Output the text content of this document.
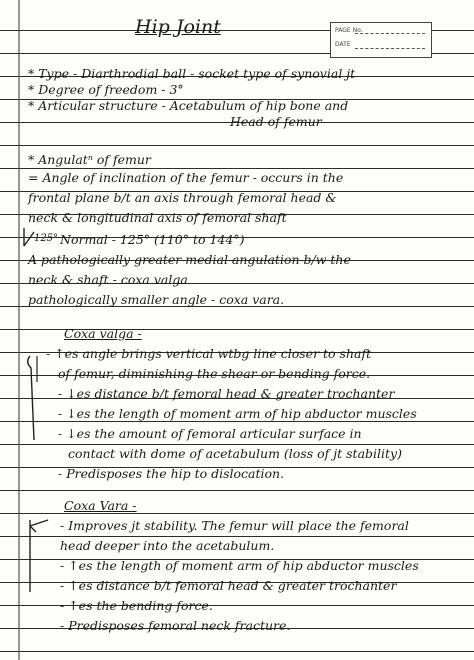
PAGE No.
DATE
Hip Joint
* Type - Diarthrodial ball - socket type of synovial jt
* Degree of freedom - 3°
* Articular structure - Acetabulum of hip bone and
Head of femur
* Angulatⁿ of femur
= Angle of inclination of the femur - occurs in the
frontal plane b/t an axis through femoral head &
neck & longitudinal axis of femoral shaft
Normal - 125° (110° to 144°)
A pathologically greater medial angulation b/w the
neck & shaft - coxa valga
pathologically smaller angle - coxa vara.
125°
Coxa valga -
- ↑es angle brings vertical wtbg line closer to shaft
of femur, diminishing the shear or bending force.
- ↓es distance b/t femoral head & greater trochanter
- ↓es the length of moment arm of hip abductor muscles
- ↓es the amount of femoral articular surface in
contact with dome of acetabulum (loss of jt stability)
- Predisposes the hip to dislocation.
Coxa Vara -
- Improves jt stability. The femur will place the femoral
head deeper into the acetabulum.
- ↑es the length of moment arm of hip abductor muscles
- ↑es distance b/t femoral head & greater trochanter
- ↑es the bending force.
- Predisposes femoral neck fracture.
